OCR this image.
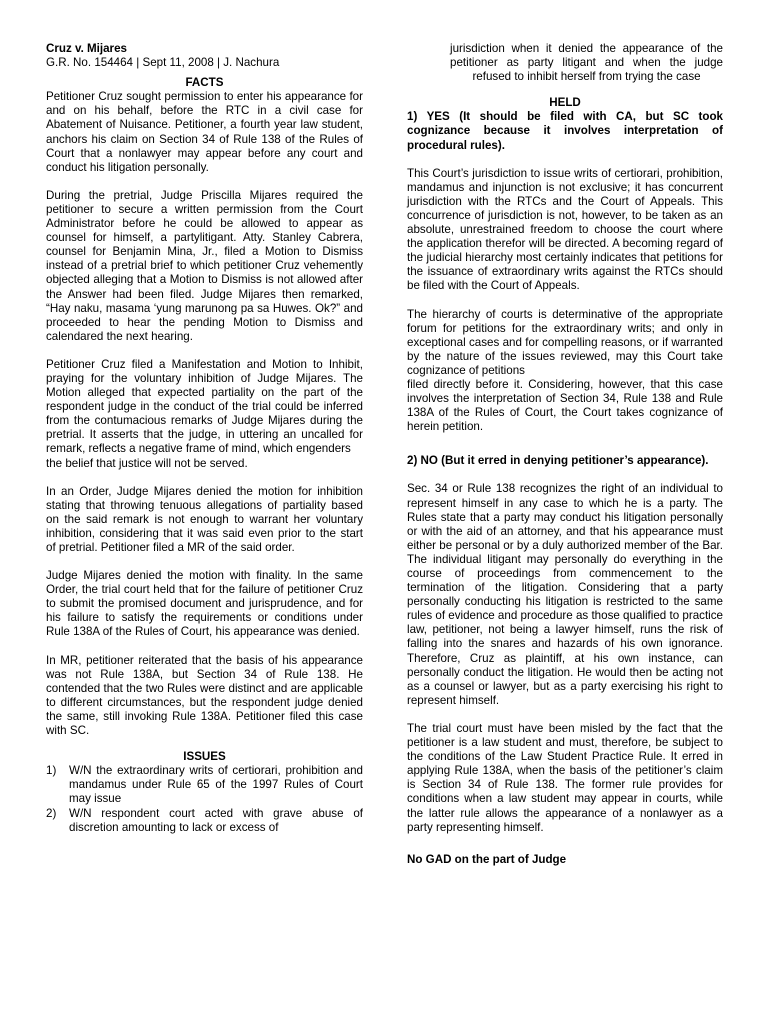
Cruz v. Mijares

G.R. No. 154464 | Sept 11, 2008 | J. Nachura

FACTS

Petitioner Cruz sought permission to enter his appearance for and on his behalf, before the RTC in a civil case for Abatement of Nuisance. Petitioner, a fourth year law student, anchors his claim on Section 34 of Rule 138 of the Rules of Court that a nonlawyer may appear before any court and conduct his litigation personally.

During the pretrial, Judge Priscilla Mijares required the petitioner to secure a written permission from the Court Administrator before he could be allowed to appear as counsel for himself, a partylitigant. Atty. Stanley Cabrera, counsel for Benjamin Mina, Jr., filed a Motion to Dismiss instead of a pretrial brief to which petitioner Cruz vehemently objected alleging that a Motion to Dismiss is not allowed after the Answer had been filed. Judge Mijares then remarked, “Hay naku, masama ‘yung marunong pa sa Huwes. Ok?” and proceeded to hear the pending Motion to Dismiss and calendared the next hearing.

Petitioner Cruz filed a Manifestation and Motion to Inhibit, praying for the voluntary inhibition of Judge Mijares. The Motion alleged that expected partiality on the part of the respondent judge in the conduct of the trial could be inferred from the contumacious remarks of Judge Mijares during the pretrial. It asserts that the judge, in uttering an uncalled for remark, reflects a negative frame of mind, which engenders

the belief that justice will not be served.

In an Order, Judge Mijares denied the motion for inhibition stating that throwing tenuous allegations of partiality based on the said remark is not enough to warrant her voluntary inhibition, considering that it was said even prior to the start of pretrial. Petitioner filed a MR of the said order.

Judge Mijares denied the motion with finality. In the same Order, the trial court held that for the failure of petitioner Cruz to submit the promised document and jurisprudence, and for his failure to satisfy the requirements or conditions under Rule 138A of the Rules of Court, his appearance was denied.

In MR, petitioner reiterated that the basis of his appearance was not Rule 138A, but Section 34 of Rule 138. He contended that the two Rules were distinct and are applicable to different circumstances, but the respondent judge denied the same, still invoking Rule 138A. Petitioner filed this case with SC.

ISSUES

1) W/N the extraordinary writs of certiorari, prohibition and mandamus under Rule 65 of the 1997 Rules of Court may issue
2) W/N respondent court acted with grave abuse of discretion amounting to lack or excess of

jurisdiction when it denied the appearance of the petitioner as party litigant and when the judge refused to inhibit herself from trying the case

HELD

1) YES (It should be filed with CA, but SC took cognizance because it involves interpretation of procedural rules).

This Court’s jurisdiction to issue writs of certiorari, prohibition, mandamus and injunction is not exclusive; it has concurrent jurisdiction with the RTCs and the Court of Appeals. This concurrence of jurisdiction is not, however, to be taken as an absolute, unrestrained freedom to choose the court where the application therefor will be directed. A becoming regard of the judicial hierarchy most certainly indicates that petitions for the issuance of extraordinary writs against the RTCs should be filed with the Court of Appeals.

The hierarchy of courts is determinative of the appropriate forum for petitions for the extraordinary writs; and only in exceptional cases and for compelling reasons, or if warranted by the nature of the issues reviewed, may this Court take cognizance of petitions

filed directly before it. Considering, however, that this case involves the interpretation of Section 34, Rule 138 and Rule 138A of the Rules of Court, the Court takes cognizance of herein petition.

2) NO (But it erred in denying petitioner’s appearance).

Sec. 34 or Rule 138 recognizes the right of an individual to represent himself in any case to which he is a party. The Rules state that a party may conduct his litigation personally or with the aid of an attorney, and that his appearance must either be personal or by a duly authorized member of the Bar. The individual litigant may personally do everything in the course of proceedings from commencement to the termination of the litigation. Considering that a party personally conducting his litigation is restricted to the same rules of evidence and procedure as those qualified to practice law, petitioner, not being a lawyer himself, runs the risk of falling into the snares and hazards of his own ignorance. Therefore, Cruz as plaintiff, at his own instance, can personally conduct the litigation. He would then be acting not as a counsel or lawyer, but as a party exercising his right to represent himself.

The trial court must have been misled by the fact that the petitioner is a law student and must, therefore, be subject to the conditions of the Law Student Practice Rule. It erred in applying Rule 138A, when the basis of the petitioner’s claim is Section 34 of Rule 138. The former rule provides for conditions when a law student may appear in courts, while the latter rule allows the appearance of a nonlawyer as a party representing himself.

No GAD on the part of Judge
